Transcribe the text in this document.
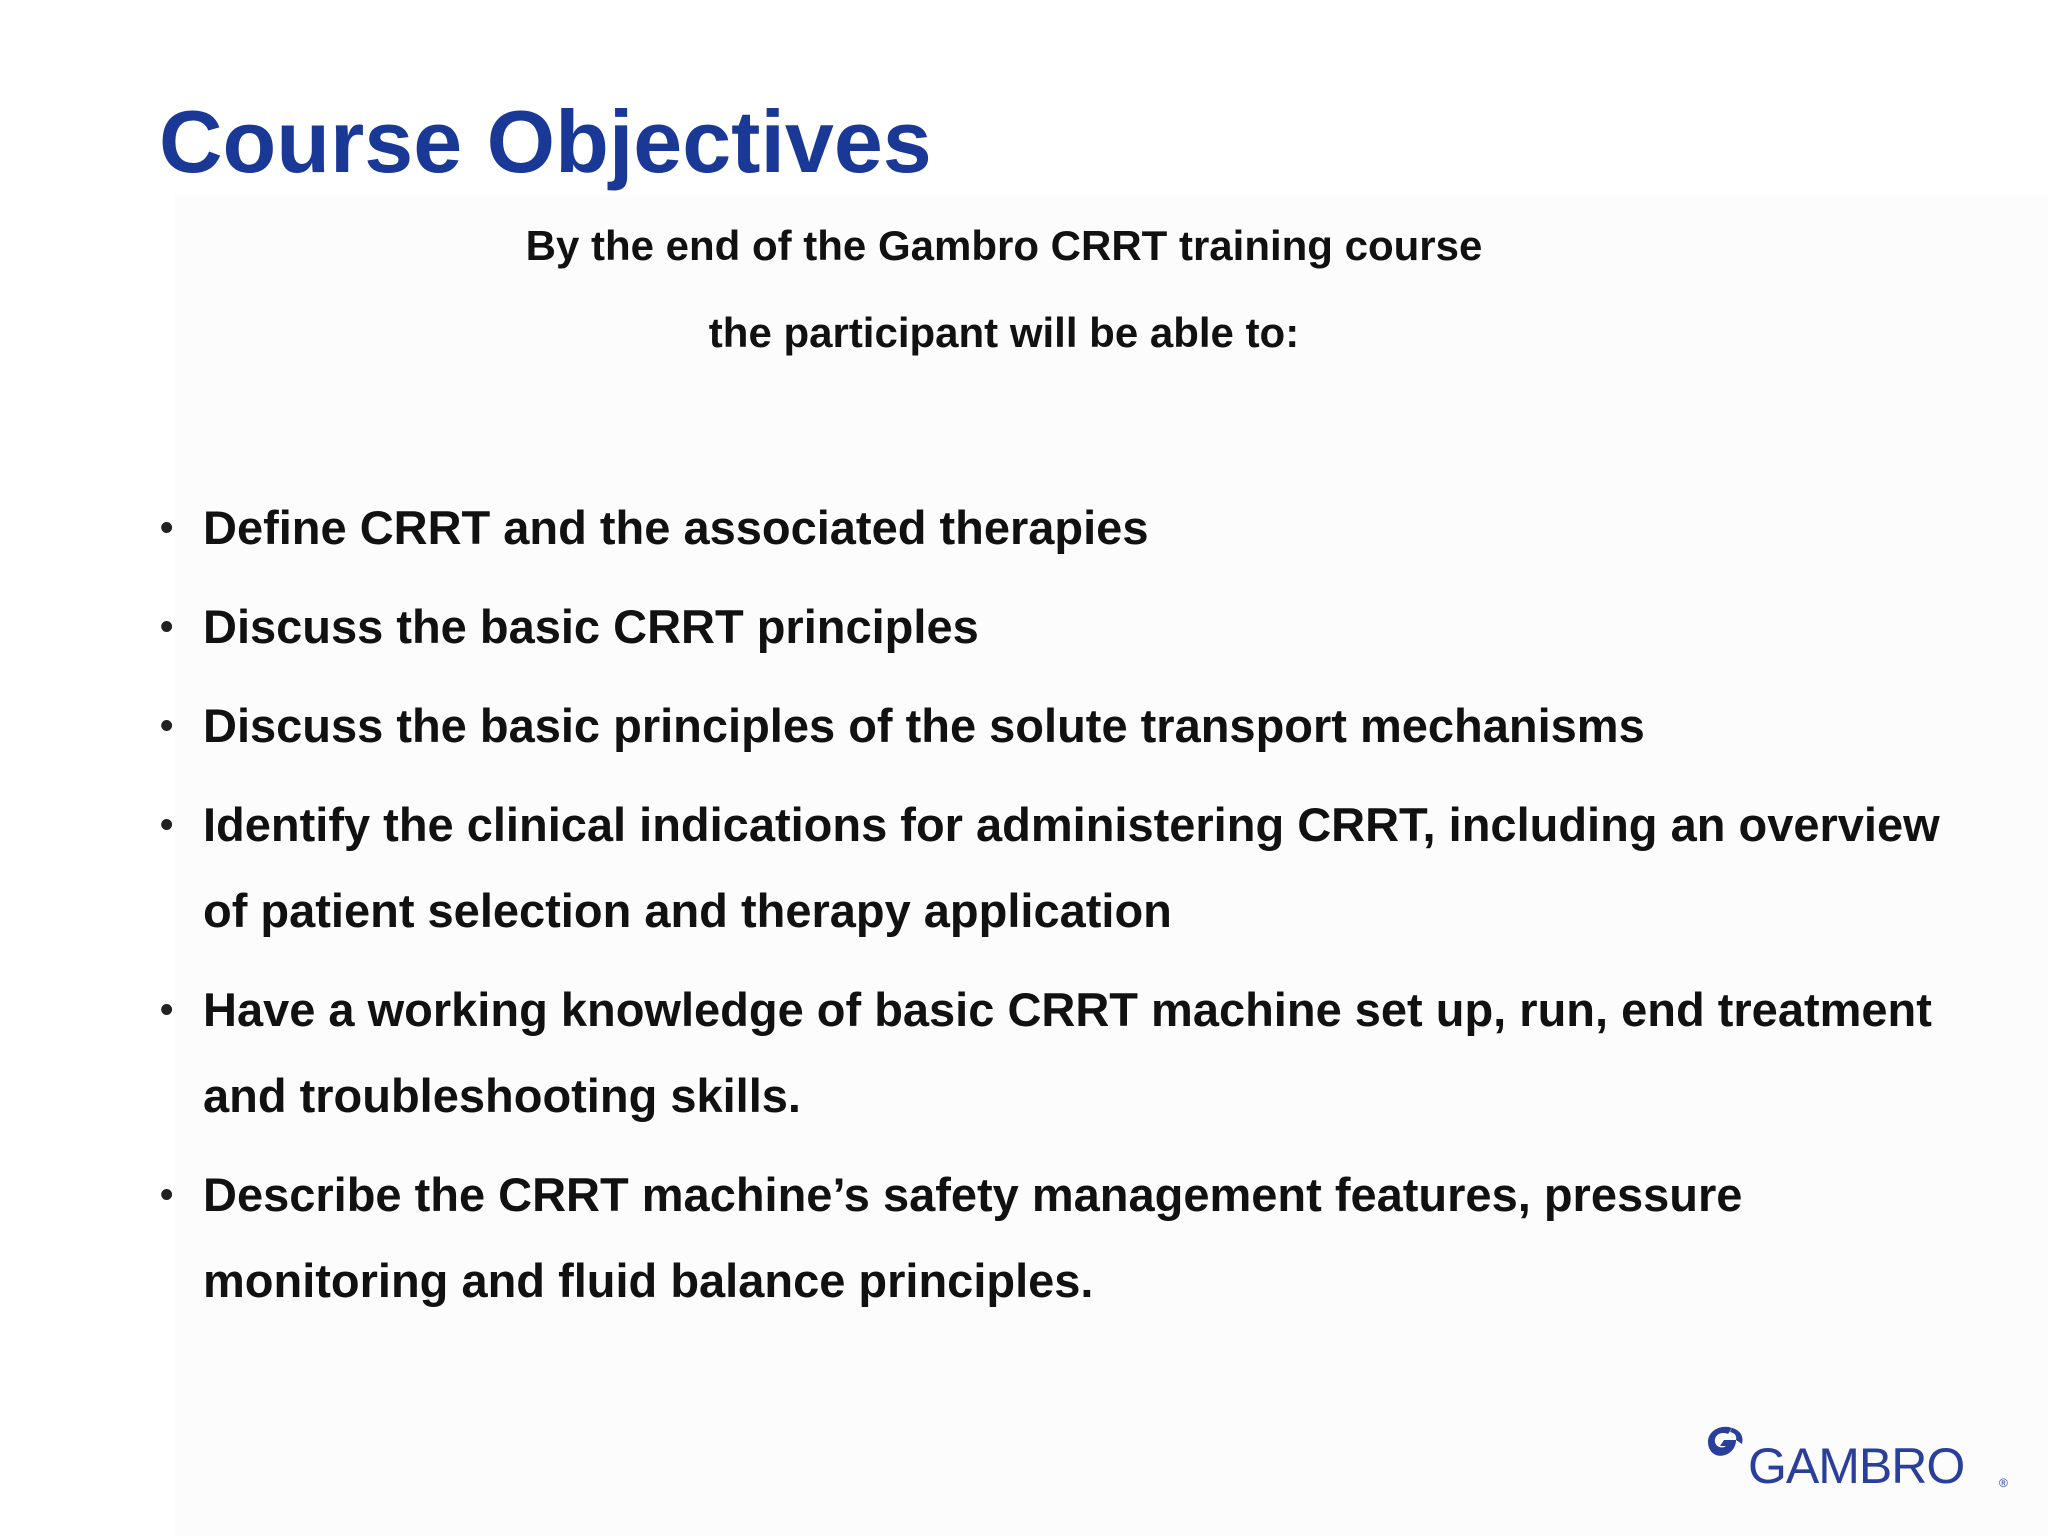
Course Objectives
By the end of the Gambro CRRT training course
the participant will be able to:
• Define CRRT and the associated therapies
• Discuss the basic CRRT principles
• Discuss the basic principles of the solute transport mechanisms
• Identify the clinical indications for administering CRRT, including an overview of patient selection and therapy application
• Have a working knowledge of basic CRRT machine set up, run, end treatment and troubleshooting skills.
• Describe the CRRT machine’s safety management features, pressure monitoring and fluid balance principles.
GAMBRO	®
